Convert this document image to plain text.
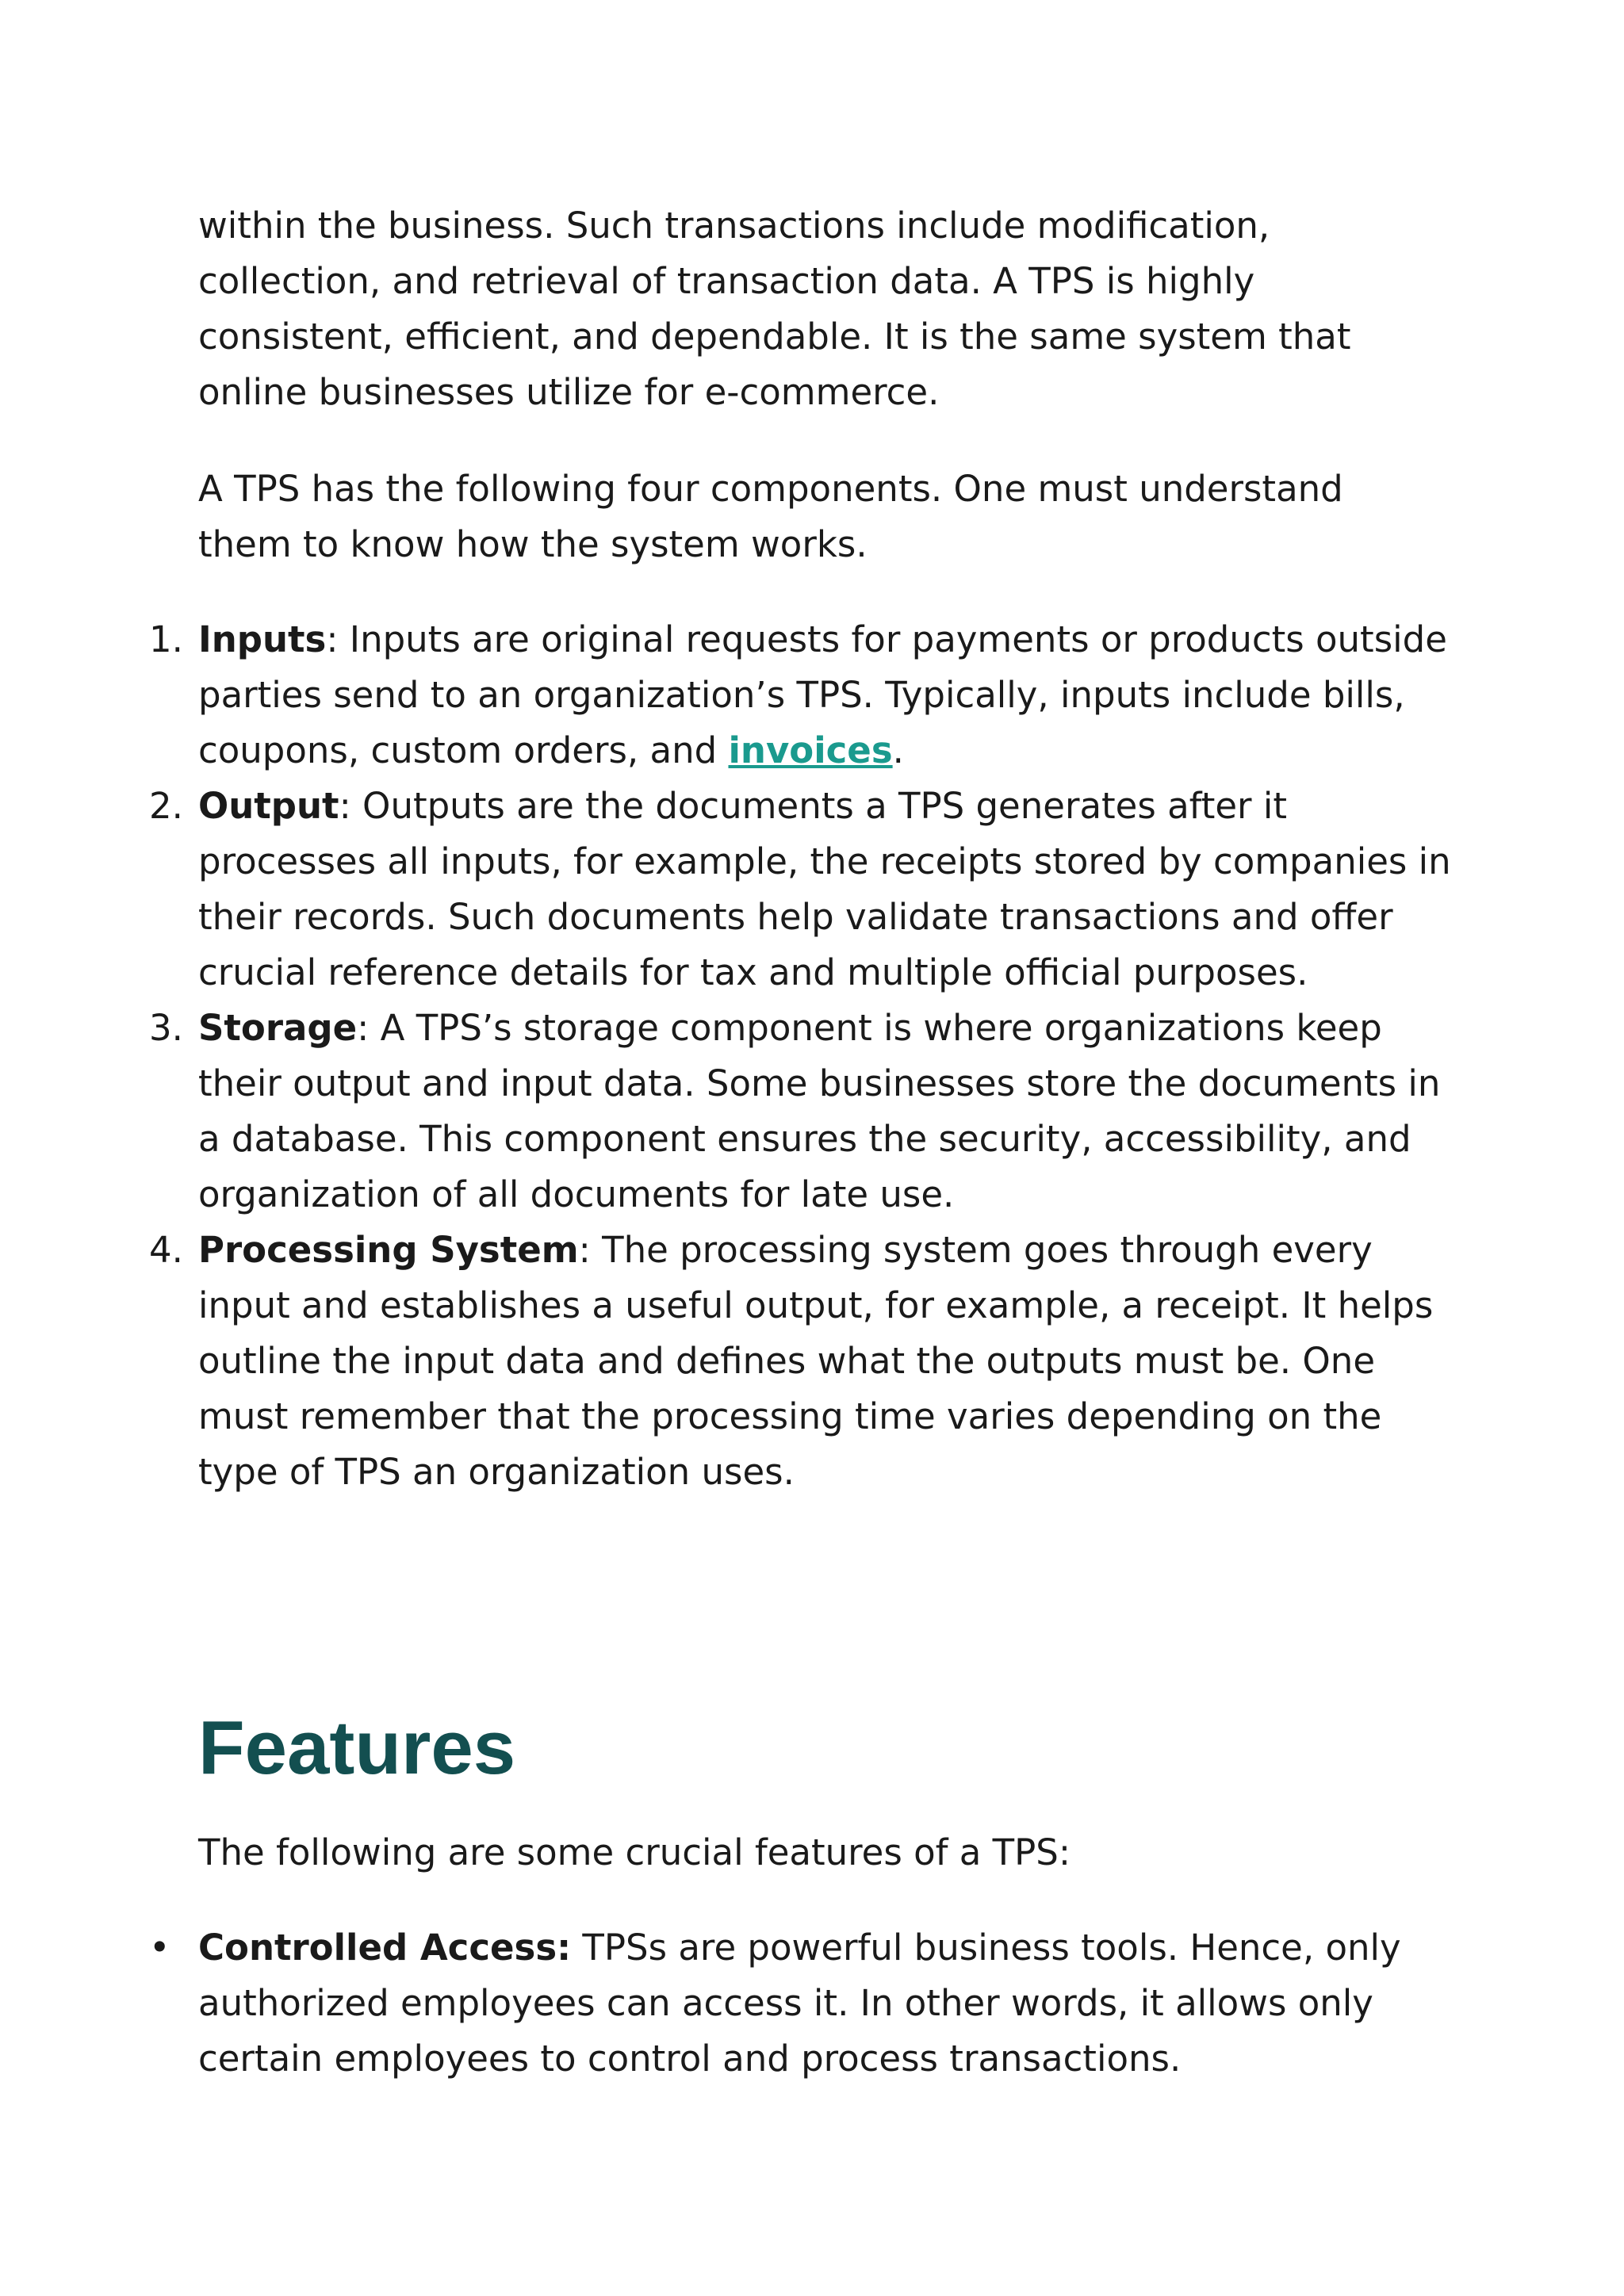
within the business. Such transactions include modification, collection, and retrieval of transaction data. A TPS is highly consistent, efficient, and dependable. It is the same system that online businesses utilize for e-commerce.

A TPS has the following four components. One must understand them to know how the system works.

1. Inputs: Inputs are original requests for payments or products outside parties send to an organization’s TPS. Typically, inputs include bills, coupons, custom orders, and invoices.
2. Output: Outputs are the documents a TPS generates after it processes all inputs, for example, the receipts stored by companies in their records. Such documents help validate transactions and offer crucial reference details for tax and multiple official purposes.
3. Storage: A TPS’s storage component is where organizations keep their output and input data. Some businesses store the documents in a database. This component ensures the security, accessibility, and organization of all documents for late use.
4. Processing System: The processing system goes through every input and establishes a useful output, for example, a receipt. It helps outline the input data and defines what the outputs must be. One must remember that the processing time varies depending on the type of TPS an organization uses.
Features

The following are some crucial features of a TPS:

• Controlled Access: TPSs are powerful business tools. Hence, only authorized employees can access it. In other words, it allows only certain employees to control and process transactions.
